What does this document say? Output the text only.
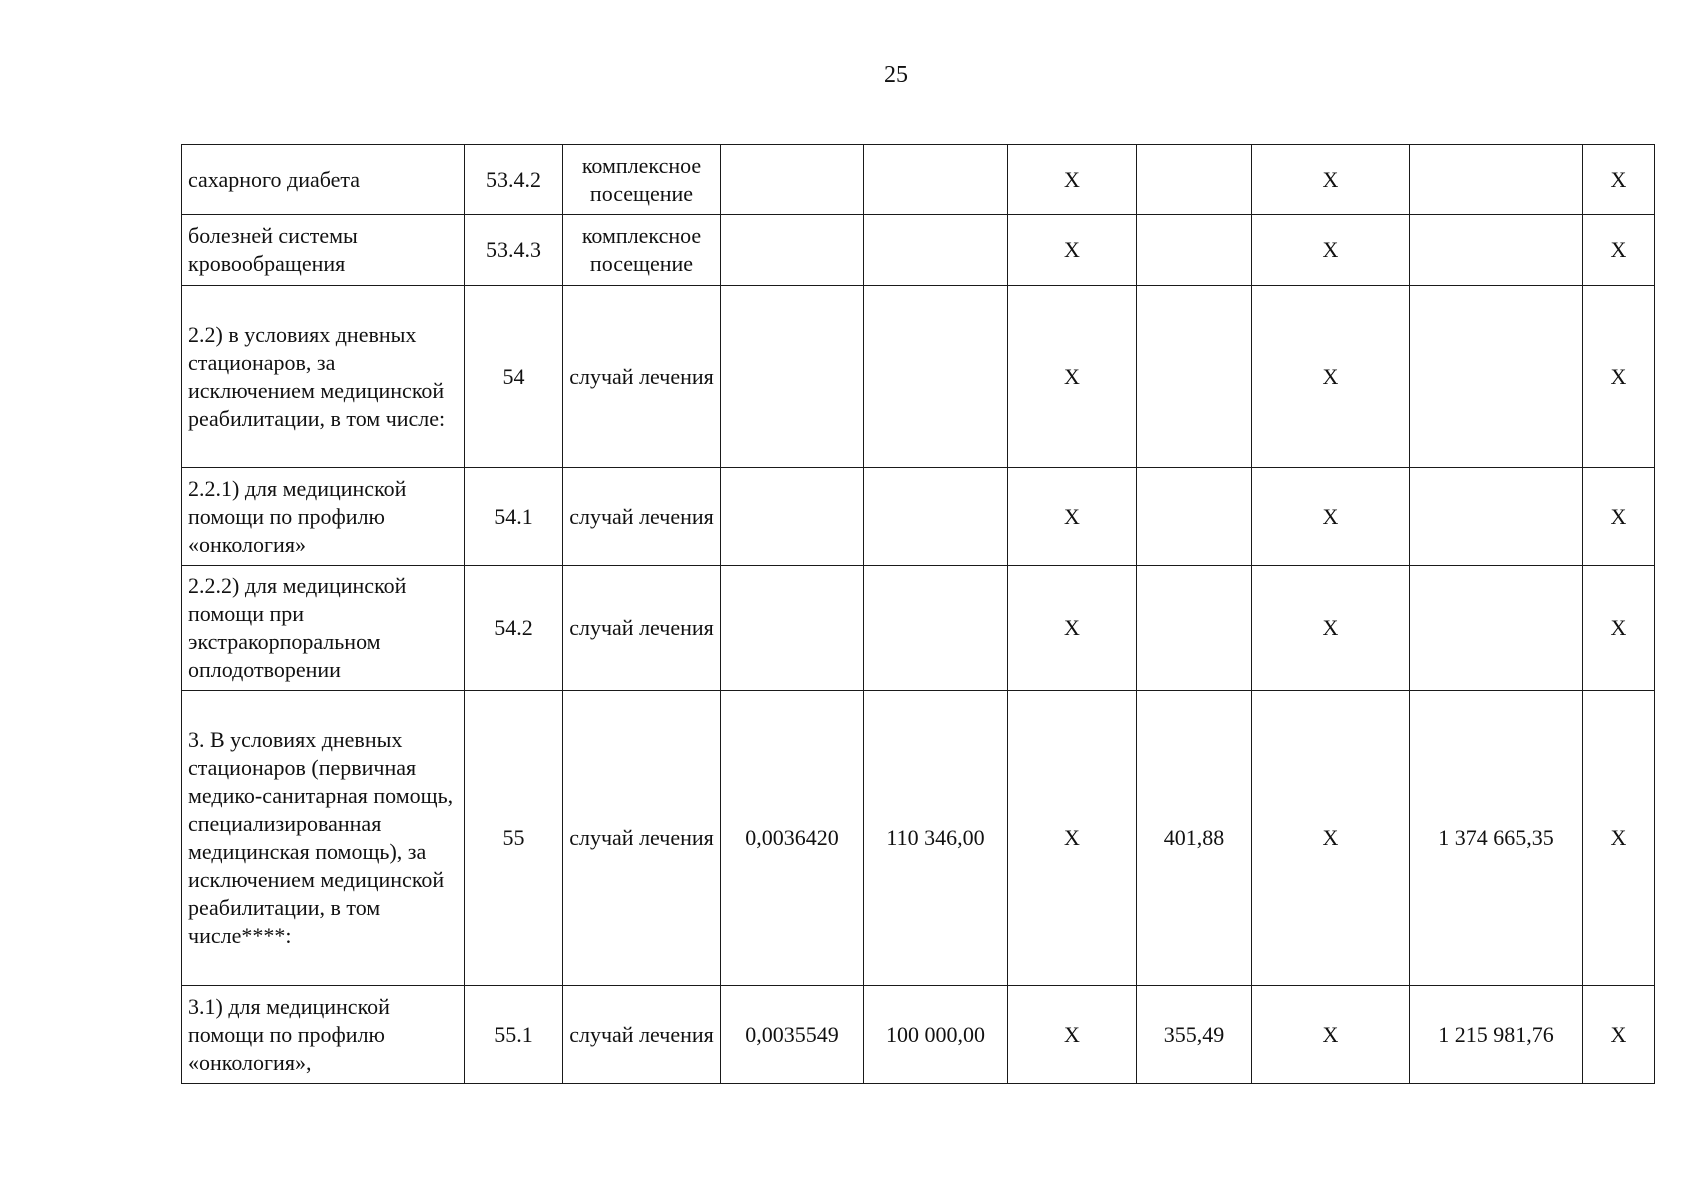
25
сахарного диабета	53.4.2	комплексное посещение			X		X		X
болезней системы кровообращения	53.4.3	комплексное посещение			X		X		X
2.2) в условиях дневных стационаров, за исключением медицинской реабилитации, в том числе:	54	случай лечения			X		X		X
2.2.1) для медицинской помощи по профилю «онкология»	54.1	случай лечения			X		X		X
2.2.2) для медицинской помощи при экстракорпоральном оплодотворении	54.2	случай лечения			X		X		X
3. В условиях дневных стационаров (первичная медико-санитарная помощь, специализированная медицинская помощь), за исключением медицинской реабилитации, в том числе****:	55	случай лечения	0,0036420	110 346,00	X	401,88	X	1 374 665,35	X
3.1) для медицинской помощи по профилю «онкология»,	55.1	случай лечения	0,0035549	100 000,00	X	355,49	X	1 215 981,76	X
